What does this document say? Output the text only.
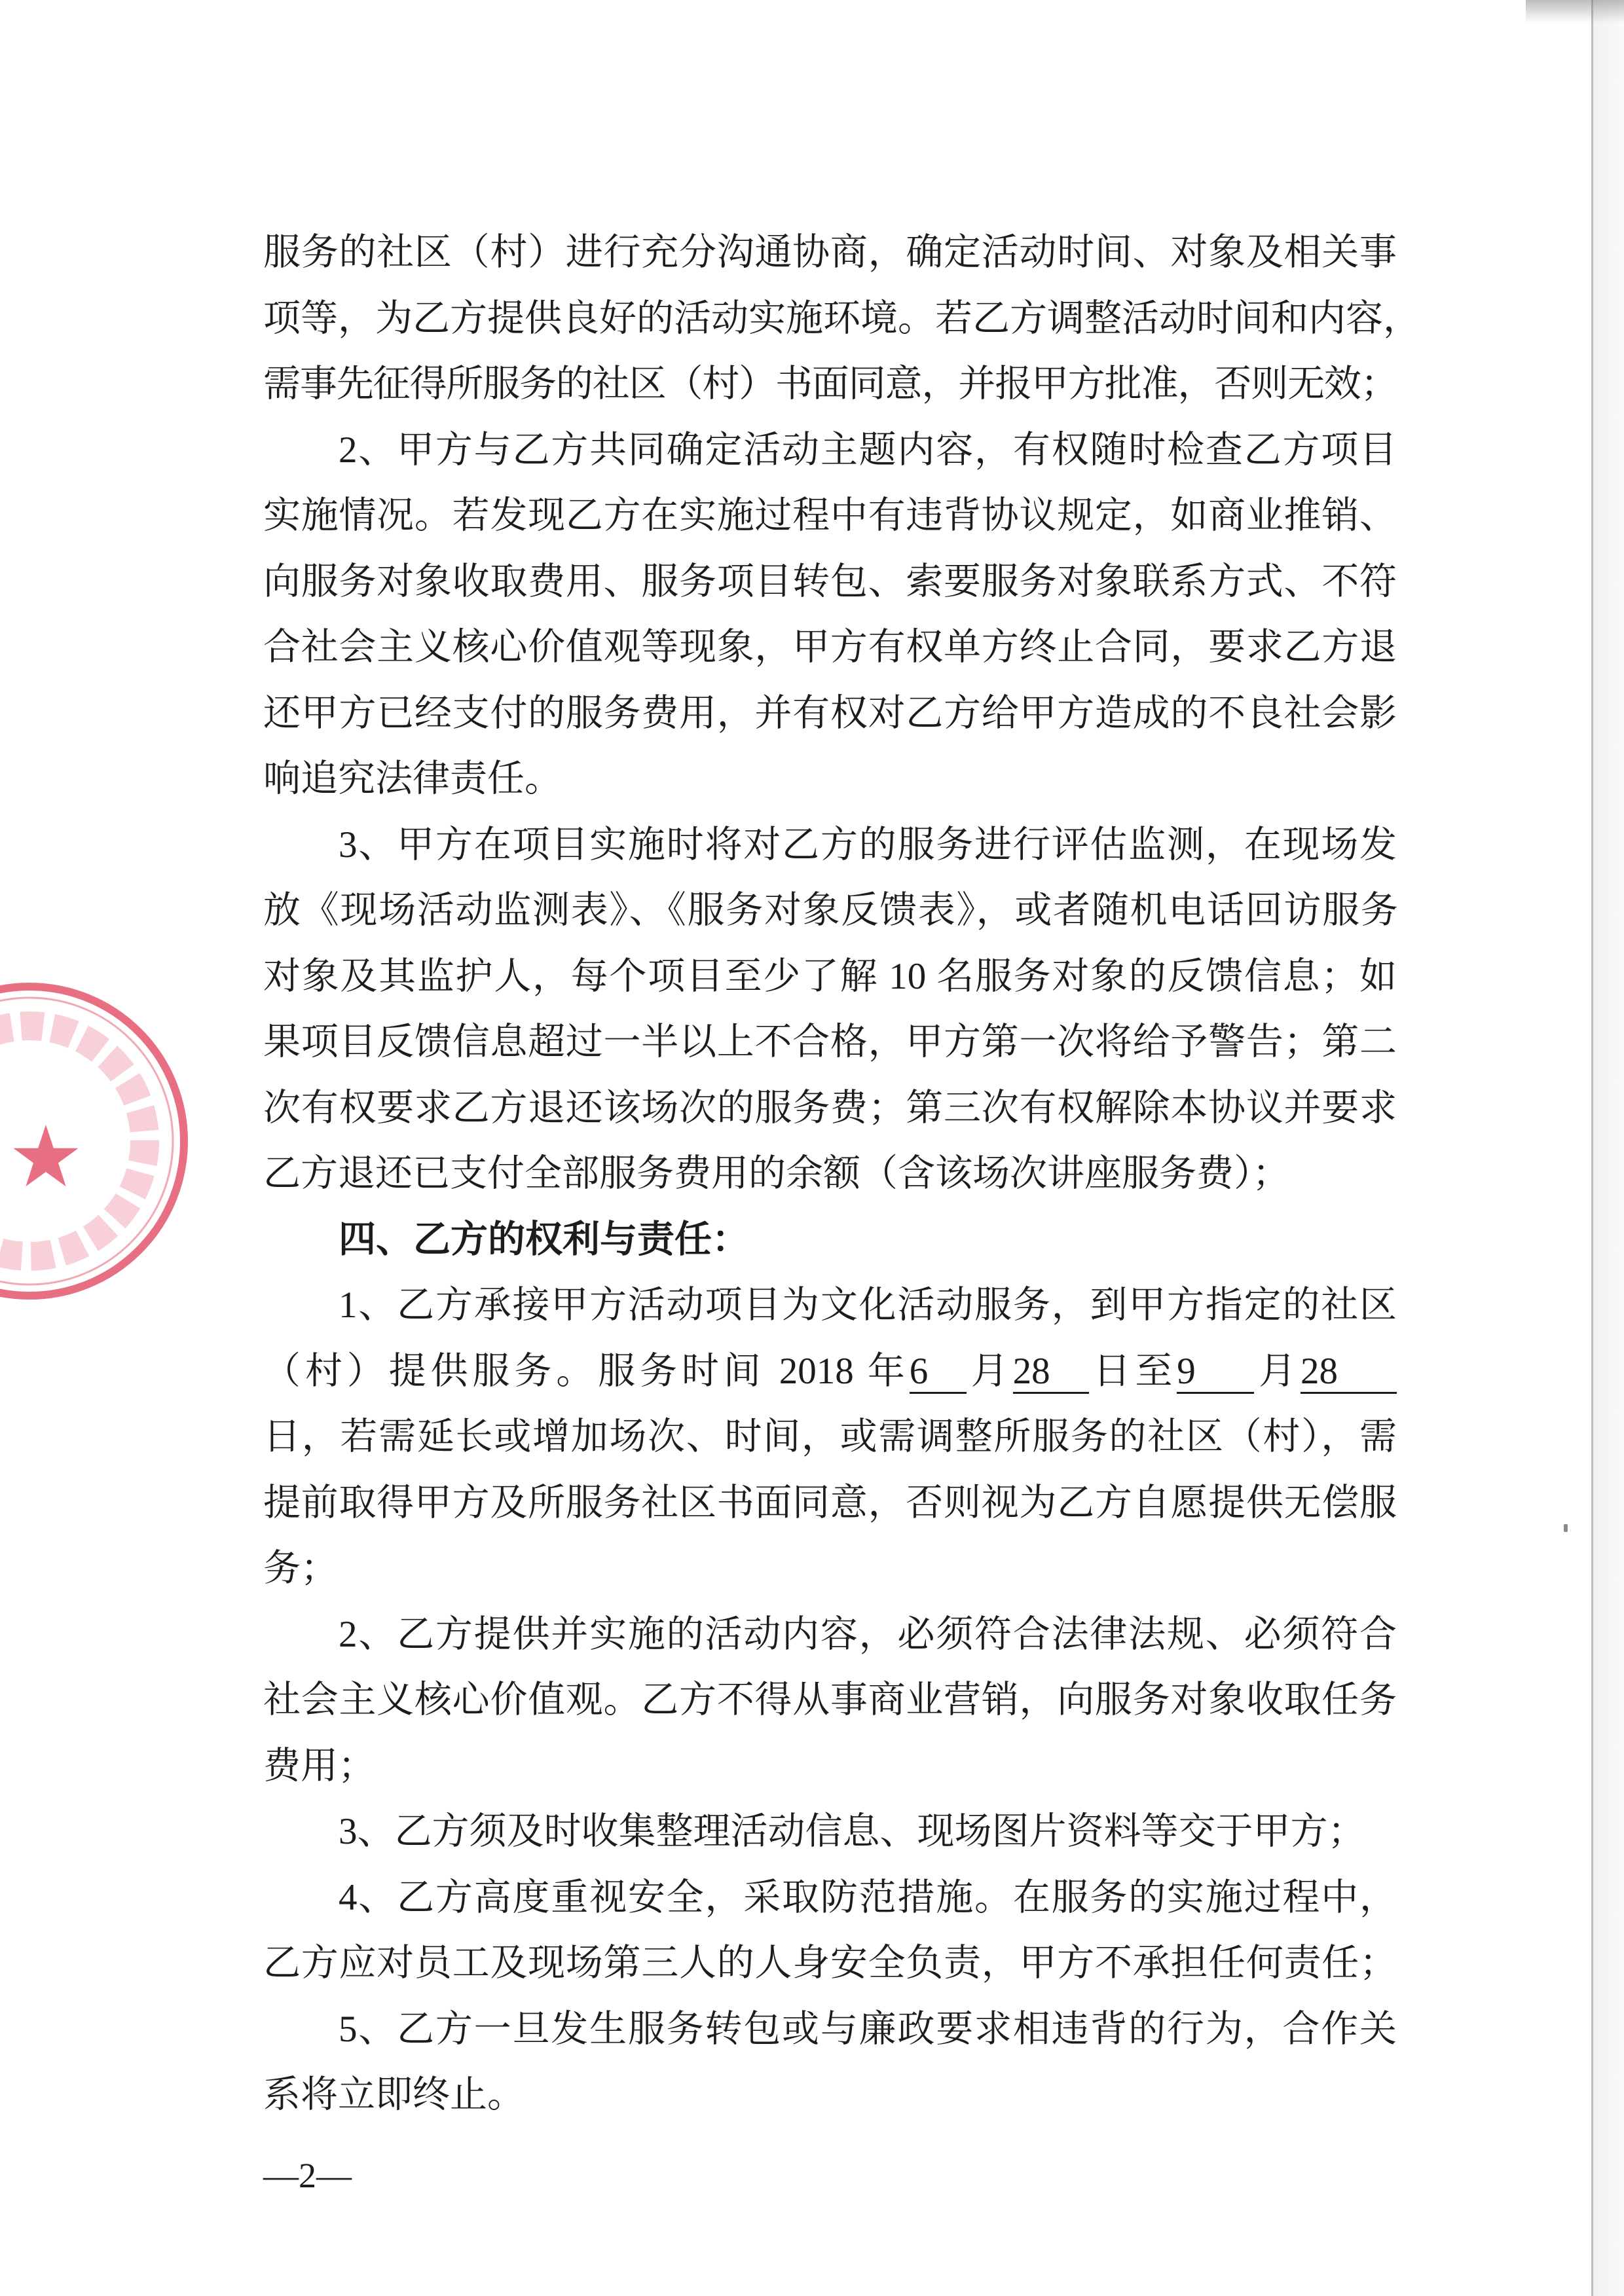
服务的社区（村）进行充分沟通协商，确定活动时间、对象及相关事
项等，为乙方提供良好的活动实施环境。若乙方调整活动时间和内容，
需事先征得所服务的社区（村）书面同意，并报甲方批准，否则无效；
2、甲方与乙方共同确定活动主题内容，有权随时检查乙方项目
实施情况。若发现乙方在实施过程中有违背协议规定，如商业推销、
向服务对象收取费用、服务项目转包、索要服务对象联系方式、不符
合社会主义核心价值观等现象，甲方有权单方终止合同，要求乙方退
还甲方已经支付的服务费用，并有权对乙方给甲方造成的不良社会影
响追究法律责任。
3、甲方在项目实施时将对乙方的服务进行评估监测，在现场发
放《现场活动监测表》、《服务对象反馈表》，或者随机电话回访服务
对象及其监护人，每个项目至少了解 10 名服务对象的反馈信息；如
果项目反馈信息超过一半以上不合格，甲方第一次将给予警告；第二
次有权要求乙方退还该场次的服务费；第三次有权解除本协议并要求
乙方退还已支付全部服务费用的余额（含该场次讲座服务费）；
四、乙方的权利与责任：
1、乙方承接甲方活动项目为文化活动服务，到甲方指定的社区
（村）提供服务。服务时间 2018 年6 月28 日至9 月28
日，若需延长或增加场次、时间，或需调整所服务的社区（村），需
提前取得甲方及所服务社区书面同意，否则视为乙方自愿提供无偿服
务；
2、乙方提供并实施的活动内容，必须符合法律法规、必须符合
社会主义核心价值观。乙方不得从事商业营销，向服务对象收取任务
费用；
3、乙方须及时收集整理活动信息、现场图片资料等交于甲方；
4、乙方高度重视安全，采取防范措施。在服务的实施过程中，
乙方应对员工及现场第三人的人身安全负责，甲方不承担任何责任；
5、乙方一旦发生服务转包或与廉政要求相违背的行为，合作关
系将立即终止。
—2—
